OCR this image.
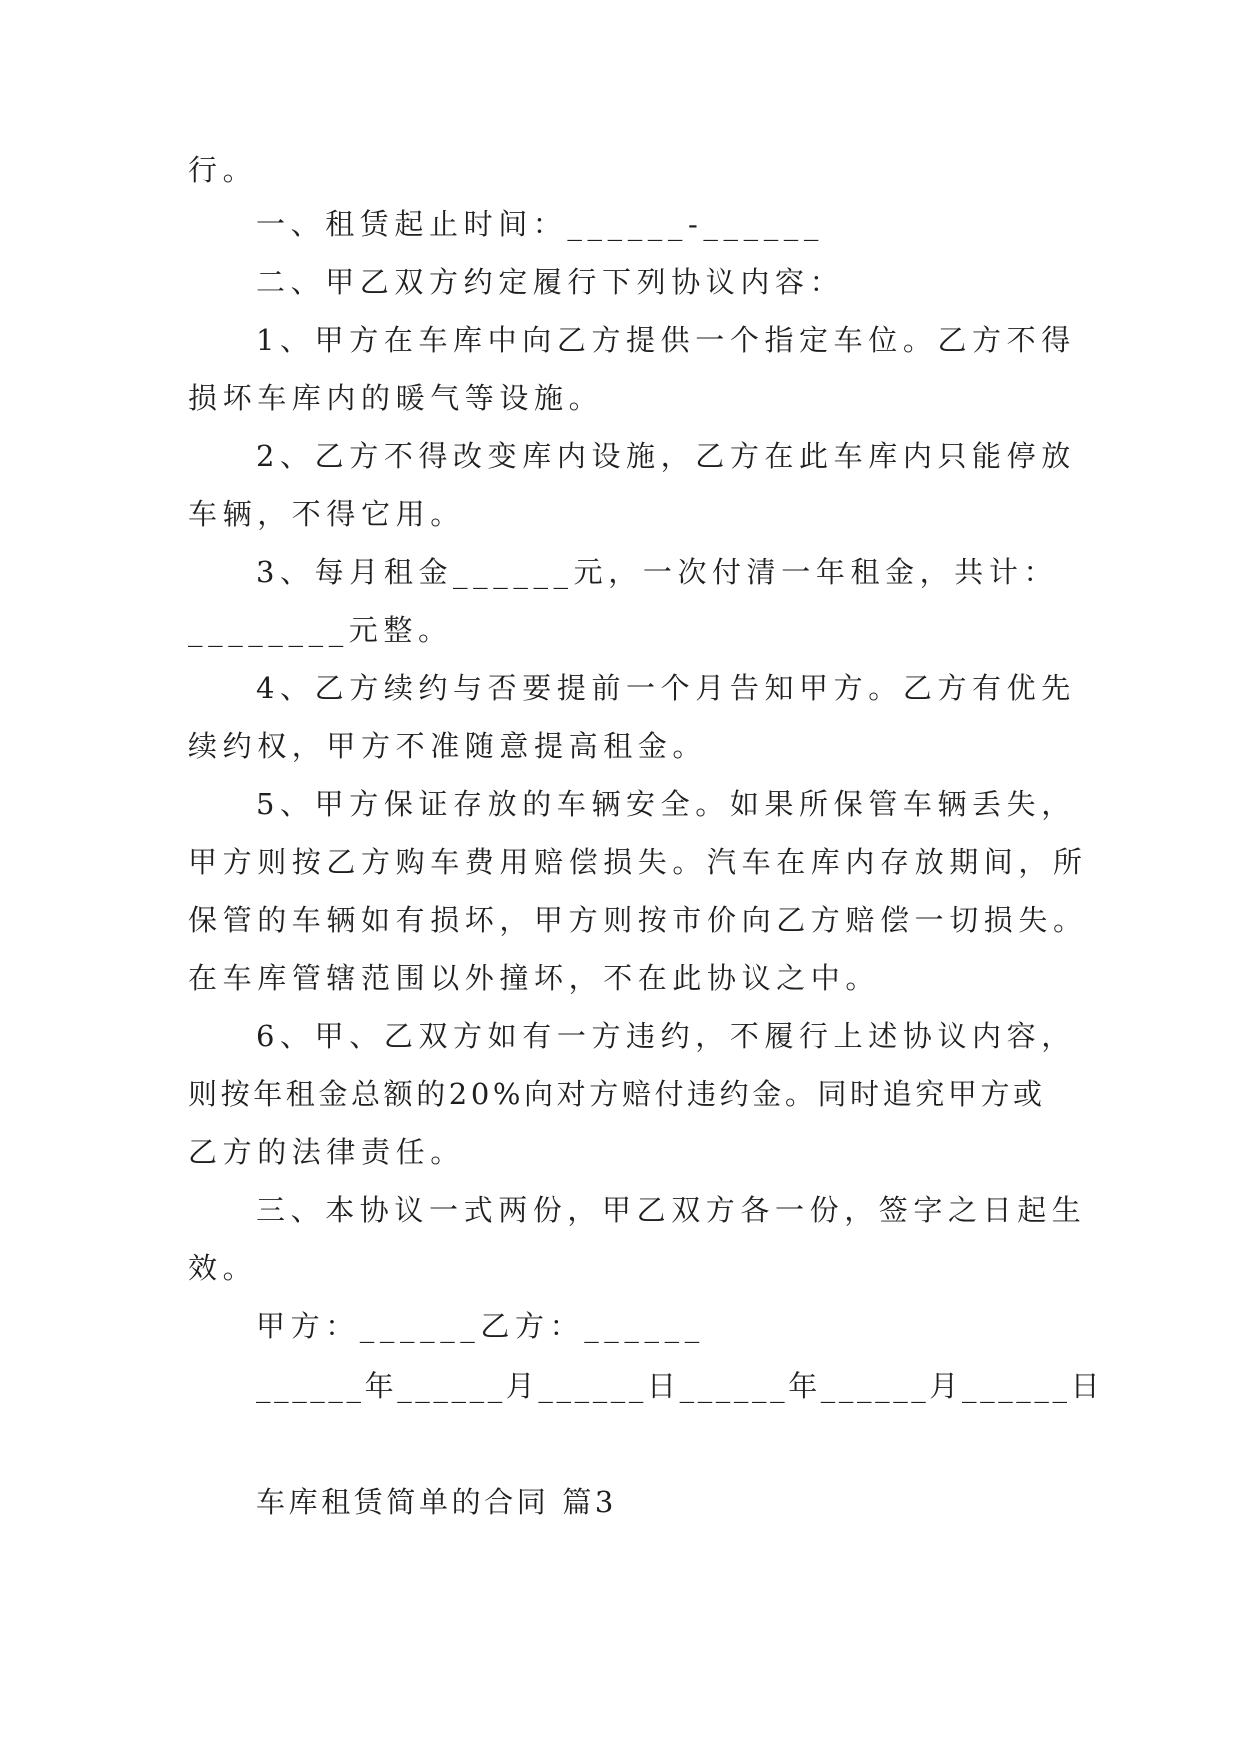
行。
一、租赁起止时间：______-______
二、甲乙双方约定履行下列协议内容：
1、甲方在车库中向乙方提供一个指定车位。乙方不得
损坏车库内的暖气等设施。
2、乙方不得改变库内设施，乙方在此车库内只能停放
车辆，不得它用。
3、每月租金______元，一次付清一年租金，共计：
________元整。
4、乙方续约与否要提前一个月告知甲方。乙方有优先
续约权，甲方不准随意提高租金。
5、甲方保证存放的车辆安全。如果所保管车辆丢失，
甲方则按乙方购车费用赔偿损失。汽车在库内存放期间，所
保管的车辆如有损坏，甲方则按市价向乙方赔偿一切损失。
在车库管辖范围以外撞坏，不在此协议之中。
6、甲、乙双方如有一方违约，不履行上述协议内容，
则按年租金总额的20%向对方赔付违约金。同时追究甲方或
乙方的法律责任。
三、本协议一式两份，甲乙双方各一份，签字之日起生
效。
甲方：______乙方：______
______年______月______日______年______月______日
车库租赁简单的合同 篇3
